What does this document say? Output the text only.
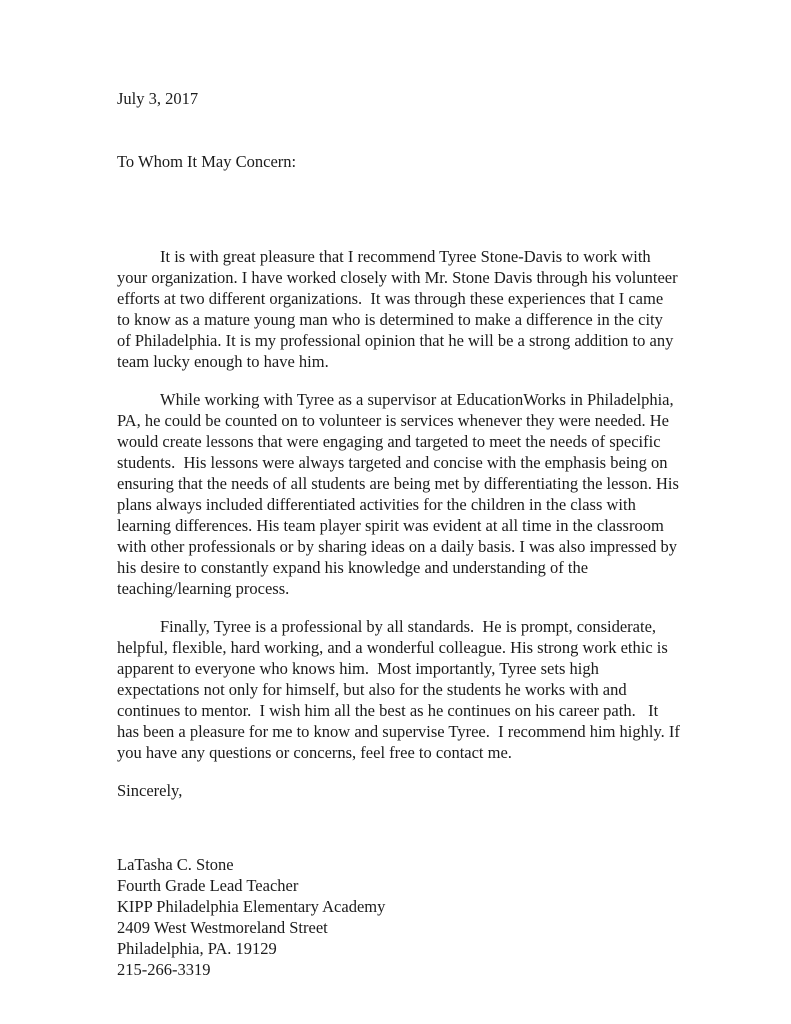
July 3, 2017
To Whom It May Concern:

It is with great pleasure that I recommend Tyree Stone-Davis to work with your organization. I have worked closely with Mr. Stone Davis through his volunteer efforts at two different organizations.  It was through these experiences that I came to know as a mature young man who is determined to make a difference in the city of Philadelphia. It is my professional opinion that he will be a strong addition to any team lucky enough to have him.

While working with Tyree as a supervisor at EducationWorks in Philadelphia, PA, he could be counted on to volunteer is services whenever they were needed. He would create lessons that were engaging and targeted to meet the needs of specific students.  His lessons were always targeted and concise with the emphasis being on ensuring that the needs of all students are being met by differentiating the lesson. His plans always included differentiated activities for the children in the class with learning differences. His team player spirit was evident at all time in the classroom with other professionals or by sharing ideas on a daily basis. I was also impressed by his desire to constantly expand his knowledge and understanding of the teaching/learning process.

Finally, Tyree is a professional by all standards.  He is prompt, considerate, helpful, flexible, hard working, and a wonderful colleague. His strong work ethic is apparent to everyone who knows him.  Most importantly, Tyree sets high expectations not only for himself, but also for the students he works with and continues to mentor.  I wish him all the best as he continues on his career path.   It has been a pleasure for me to know and supervise Tyree.  I recommend him highly. If you have any questions or concerns, feel free to contact me.

Sincerely,
LaTasha C. Stone
Fourth Grade Lead Teacher
KIPP Philadelphia Elementary Academy
2409 West Westmoreland Street
Philadelphia, PA. 19129
215-266-3319
